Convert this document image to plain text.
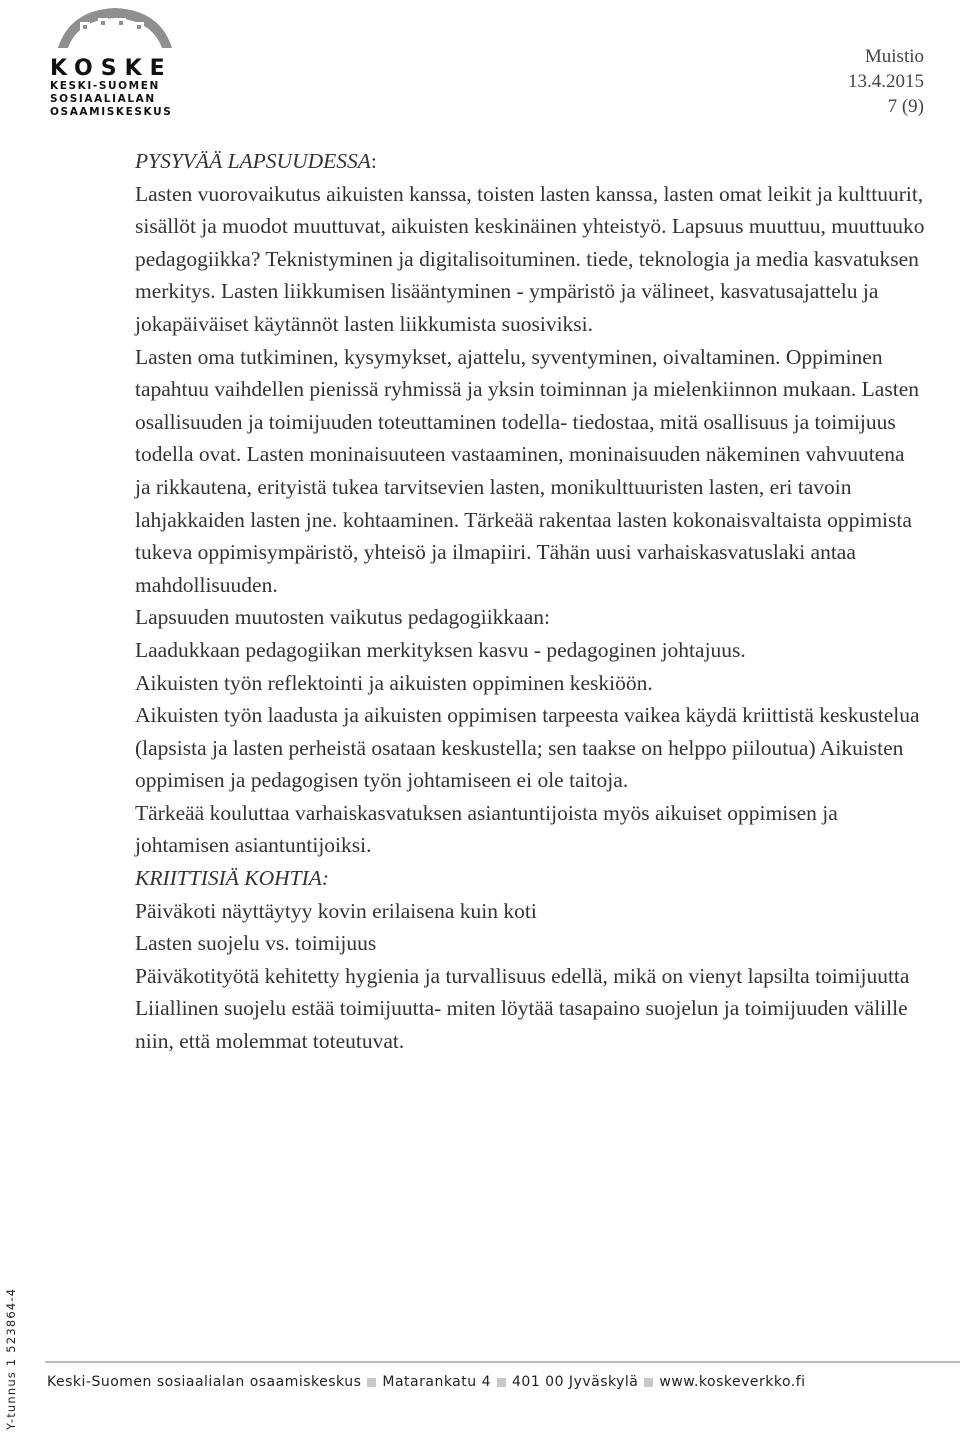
KOSKE
KESKI-SUOMEN
SOSIAALIALAN
OSAAMISKESKUS
Muistio
13.4.2015
7 (9)

PYSYVÄÄ LAPSUUDESSA:

Lasten vuorovaikutus aikuisten kanssa, toisten lasten kanssa, lasten omat leikit ja kulttuurit, sisällöt ja muodot muuttuvat, aikuisten keskinäinen yhteistyö. Lapsuus muuttuu, muuttuuko pedagogiikka? Teknistyminen ja digitalisoituminen. tiede, teknologia ja media kasvatuksen merkitys. Lasten liikkumisen lisääntyminen - ympäristö ja välineet, kasvatusajattelu ja jokapäiväiset käytännöt lasten liikkumista suosiviksi.

Lasten oma tutkiminen, kysymykset, ajattelu, syventyminen, oivaltaminen. Oppiminen tapahtuu vaihdellen pienissä ryhmissä ja yksin toiminnan ja mielenkiinnon mukaan. Lasten osallisuuden ja toimijuuden toteuttaminen todella- tiedostaa, mitä osallisuus ja toimijuus todella ovat. Lasten moninaisuuteen vastaaminen, moninaisuuden näkeminen vahvuutena ja rikkautena, erityistä tukea tarvitsevien lasten, monikulttuuristen lasten, eri tavoin lahjakkaiden lasten jne. kohtaaminen. Tärkeää rakentaa lasten kokonaisvaltaista oppimista tukeva oppimisympäristö, yhteisö ja ilmapiiri. Tähän uusi varhaiskasvatuslaki antaa mahdollisuuden.

Lapsuuden muutosten vaikutus pedagogiikkaan:

Laadukkaan pedagogiikan merkityksen kasvu - pedagoginen johtajuus.

Aikuisten työn reflektointi ja aikuisten oppiminen keskiöön.

Aikuisten työn laadusta ja aikuisten oppimisen tarpeesta vaikea käydä kriittistä keskustelua (lapsista ja lasten perheistä osataan keskustella; sen taakse on helppo piiloutua) Aikuisten oppimisen ja pedagogisen työn johtamiseen ei ole taitoja.

Tärkeää kouluttaa varhaiskasvatuksen asiantuntijoista myös aikuiset oppimisen ja johtamisen asiantuntijoiksi.

KRIITTISIÄ KOHTIA:

Päiväkoti näyttäytyy kovin erilaisena kuin koti

Lasten suojelu vs. toimijuus

Päiväkotityötä kehitetty hygienia ja turvallisuus edellä, mikä on vienyt lapsilta toimijuutta

Liiallinen suojelu estää toimijuutta- miten löytää tasapaino suojelun ja toimijuuden välille niin, että molemmat toteutuvat.

Keski-Suomen sosiaalialan osaamiskeskus Matarankatu 4 401 00 Jyväskylä www.koskeverkko.fi
Y-tunnus 1 523864-4
